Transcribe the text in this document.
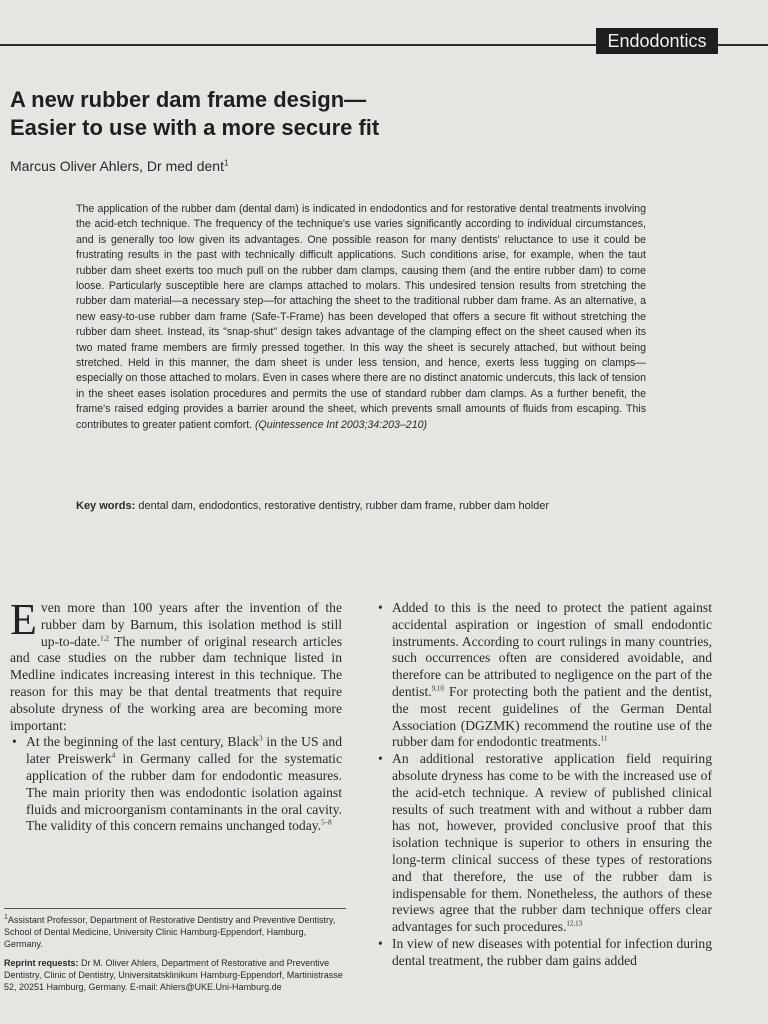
Endodontics
A new rubber dam frame design—
Easier to use with a more secure fit
Marcus Oliver Ahlers, Dr med dent$^1$
The application of the rubber dam (dental dam) is indicated in endodontics and for restorative dental treatments involving the acid-etch technique. The frequency of the technique's use varies significantly according to individual circumstances, and is generally too low given its advantages. One possible reason for many dentists' reluctance to use it could be frustrating results in the past with technically difficult applications. Such conditions arise, for example, when the taut rubber dam sheet exerts too much pull on the rubber dam clamps, causing them (and the entire rubber dam) to come loose. Particularly susceptible here are clamps attached to molars. This undesired tension results from stretching the rubber dam material—a necessary step—for attaching the sheet to the traditional rubber dam frame. As an alternative, a new easy-to-use rubber dam frame (Safe-T-Frame) has been developed that offers a secure fit without stretching the rubber dam sheet. Instead, its "snap-shut" design takes advantage of the clamping effect on the sheet caused when its two mated frame members are firmly pressed together. In this way the sheet is securely attached, but without being stretched. Held in this manner, the dam sheet is under less tension, and hence, exerts less tugging on clamps—especially on those attached to molars. Even in cases where there are no distinct anatomic undercuts, this lack of tension in the sheet eases isolation procedures and permits the use of standard rubber dam clamps. As a further benefit, the frame's raised edging provides a barrier around the sheet, which prevents small amounts of fluids from escaping. This contributes to greater patient comfort. (Quintessence Int 2003;34:203–210)
Key words: dental dam, endodontics, restorative dentistry, rubber dam frame, rubber dam holder

Even more than 100 years after the invention of the rubber dam by Barnum, this isolation method is still up-to-date.$^{1,2}$ The number of original research articles and case studies on the rubber dam technique listed in Medline indicates increasing interest in this technique. The reason for this may be that dental treatments that require absolute dryness of the working area are becoming more important:

• At the beginning of the last century, Black$^3$ in the US and later Preiswerk$^4$ in Germany called for the systematic application of the rubber dam for endodontic measures. The main priority then was endodontic isolation against fluids and microorganism contaminants in the oral cavity. The validity of this concern remains unchanged today.$^{5-8}$
• Added to this is the need to protect the patient against accidental aspiration or ingestion of small endodontic instruments. According to court rulings in many countries, such occurrences often are considered avoidable, and therefore can be attributed to negligence on the part of the dentist.$^{9,10}$ For protecting both the patient and the dentist, the most recent guidelines of the German Dental Association (DGZMK) recommend the routine use of the rubber dam for endodontic treatments.$^{11}$
• An additional restorative application field requiring absolute dryness has come to be with the increased use of the acid-etch technique. A review of published clinical results of such treatment with and without a rubber dam has not, however, provided conclusive proof that this isolation technique is superior to others in ensuring the long-term clinical success of these types of restorations and that therefore, the use of the rubber dam is indispensable for them. Nonetheless, the authors of these reviews agree that the rubber dam technique offers clear advantages for such procedures.$^{12,13}$
• In view of new diseases with potential for infection during dental treatment, the rubber dam gains added

$^1$Assistant Professor, Department of Restorative Dentistry and Preventive Dentistry, School of Dental Medicine, University Clinic Hamburg-Eppendorf, Hamburg, Germany.

Reprint requests: Dr M. Oliver Ahlers, Department of Restorative and Preventive Dentistry, Clinic of Dentistry, Universitatsklinikum Hamburg-Eppendorf, Martinistrasse 52, 20251 Hamburg, Germany. E-mail: Ahlers@UKE.Uni-Hamburg.de
